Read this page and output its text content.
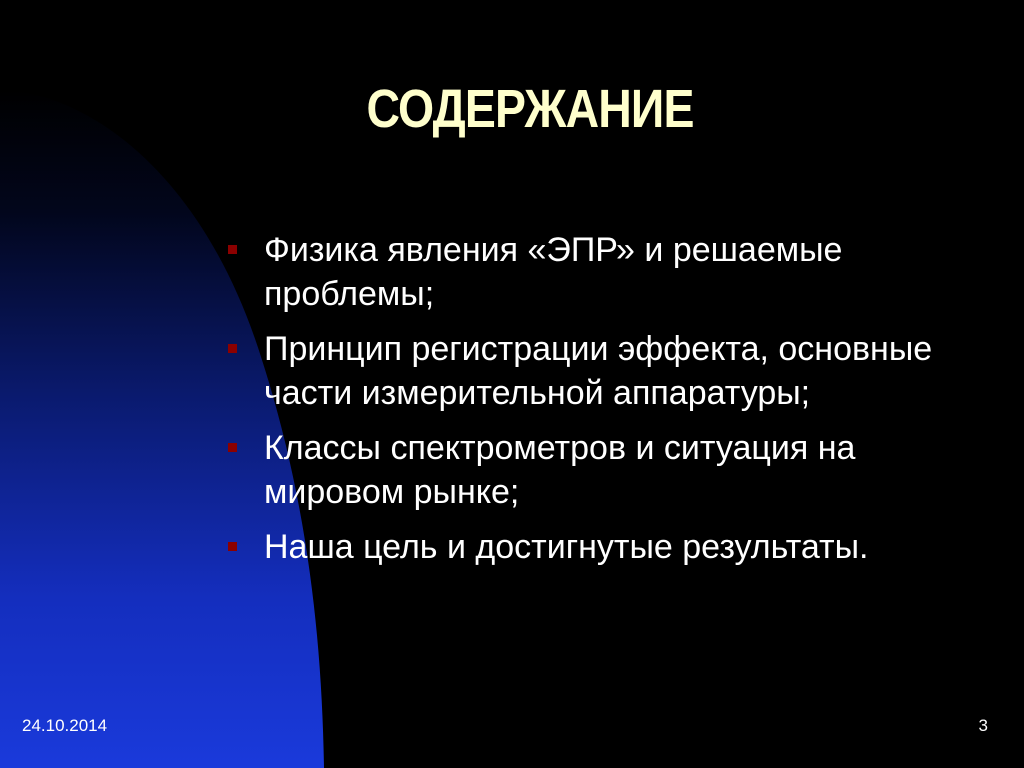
СОДЕРЖАНИЕ
Физика явления «ЭПР» и решаемые проблемы;
Принцип регистрации эффекта, основные части измерительной аппаратуры;
Классы спектрометров и ситуация на мировом рынке;
Наша цель и достигнутые результаты.
24.10.2014	3
